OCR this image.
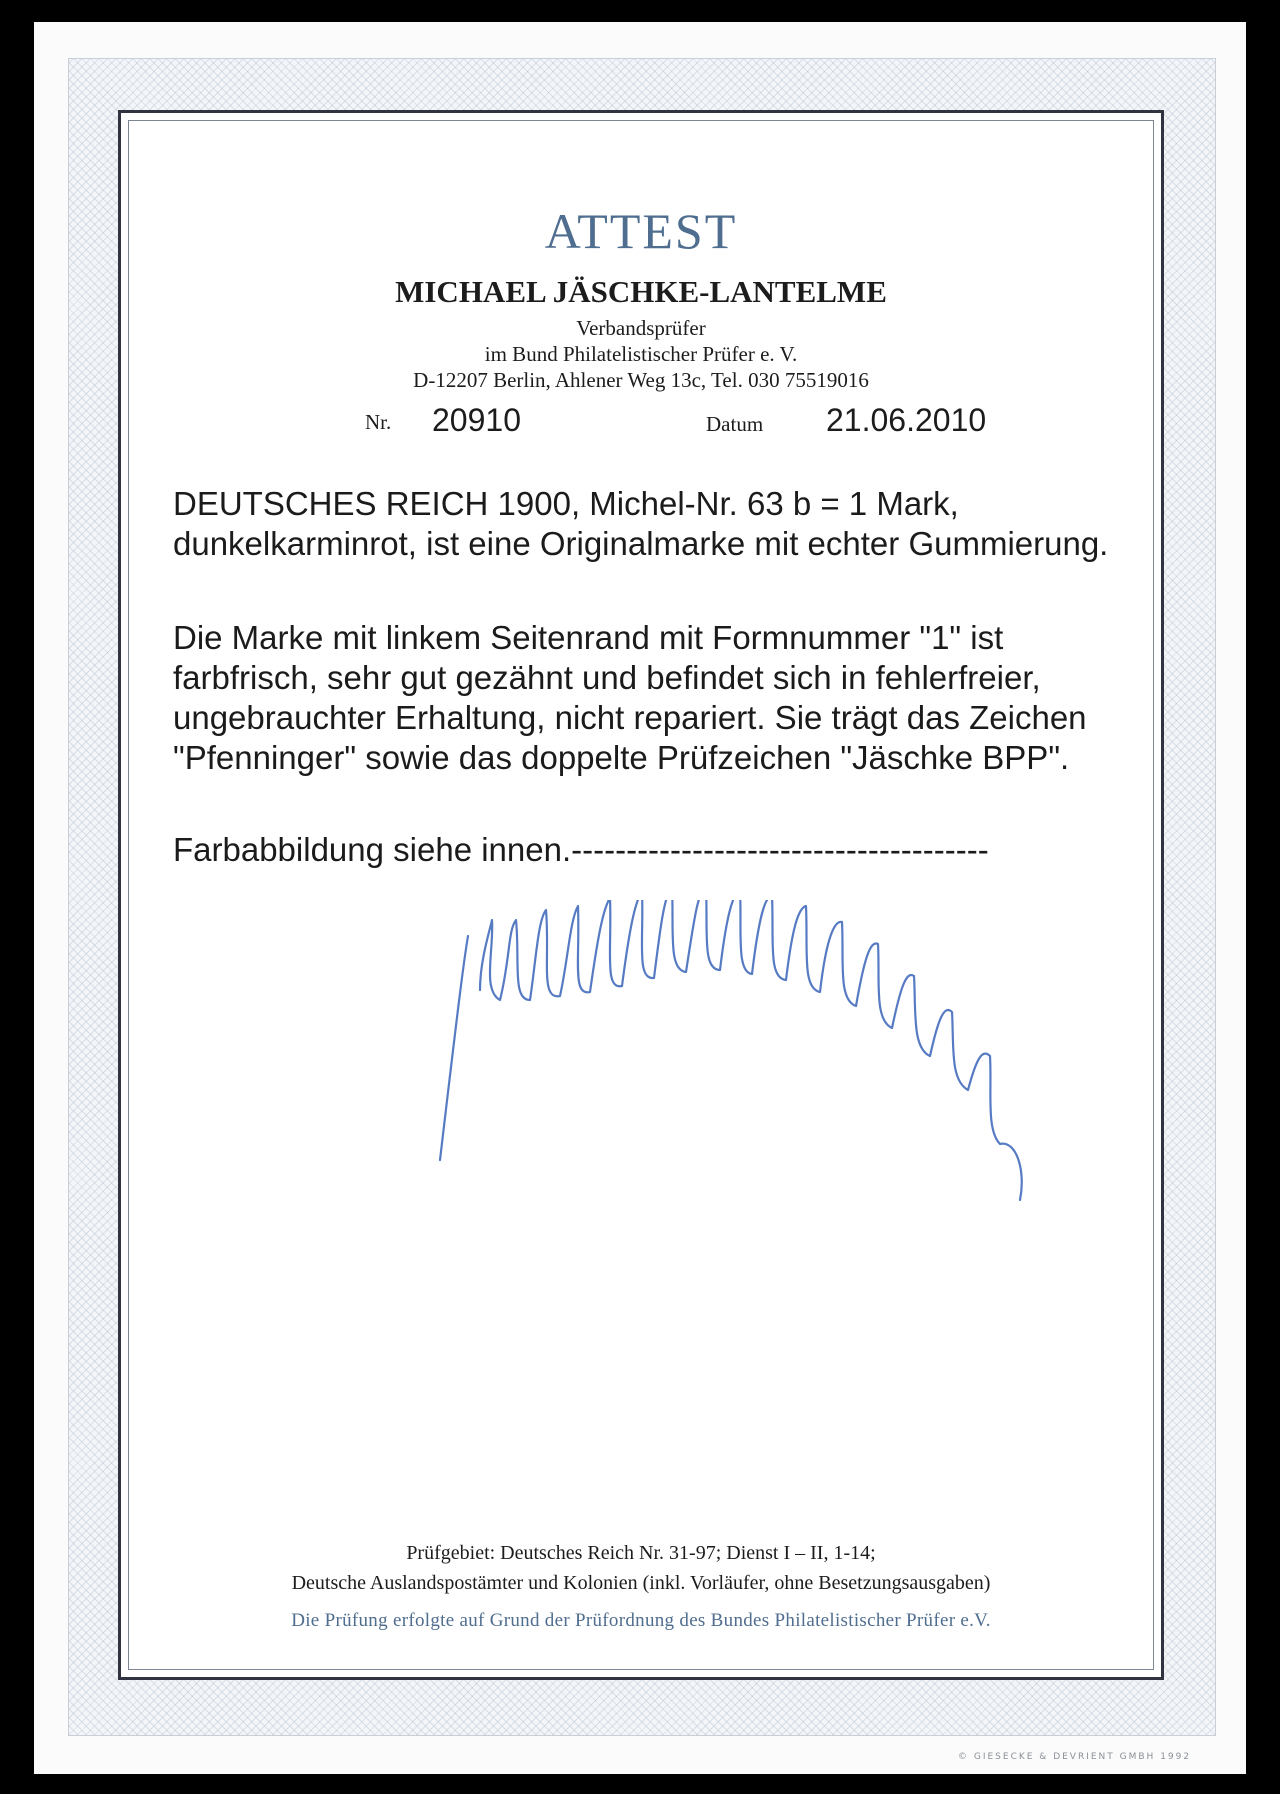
ATTEST
MICHAEL JÄSCHKE-LANTELME
Verbandsprüfer
im Bund Philatelistischer Prüfer e. V.
D-12207 Berlin, Ahlener Weg 13c, Tel. 030 75519016
Nr. 20910	Datum 21.06.2010

DEUTSCHES REICH 1900, Michel-Nr. 63 b = 1 Mark, dunkelkarminrot, ist eine Originalmarke mit echter Gummierung.

Die Marke mit linkem Seitenrand mit Formnummer "1" ist farbfrisch, sehr gut gezähnt und befindet sich in fehlerfreier, ungebrauchter Erhaltung, nicht repariert. Sie trägt das Zeichen "Pfenninger" sowie das doppelte Prüfzeichen "Jäschke BPP".

Farbabbildung siehe innen.--------------------------------------

Prüfgebiet: Deutsches Reich Nr. 31-97; Dienst I – II, 1-14;
Deutsche Auslandspostämter und Kolonien (inkl. Vorläufer, ohne Besetzungsausgaben)
Die Prüfung erfolgte auf Grund der Prüfordnung des Bundes Philatelistischer Prüfer e.V.
© GIESECKE & DEVRIENT GMBH 1992
